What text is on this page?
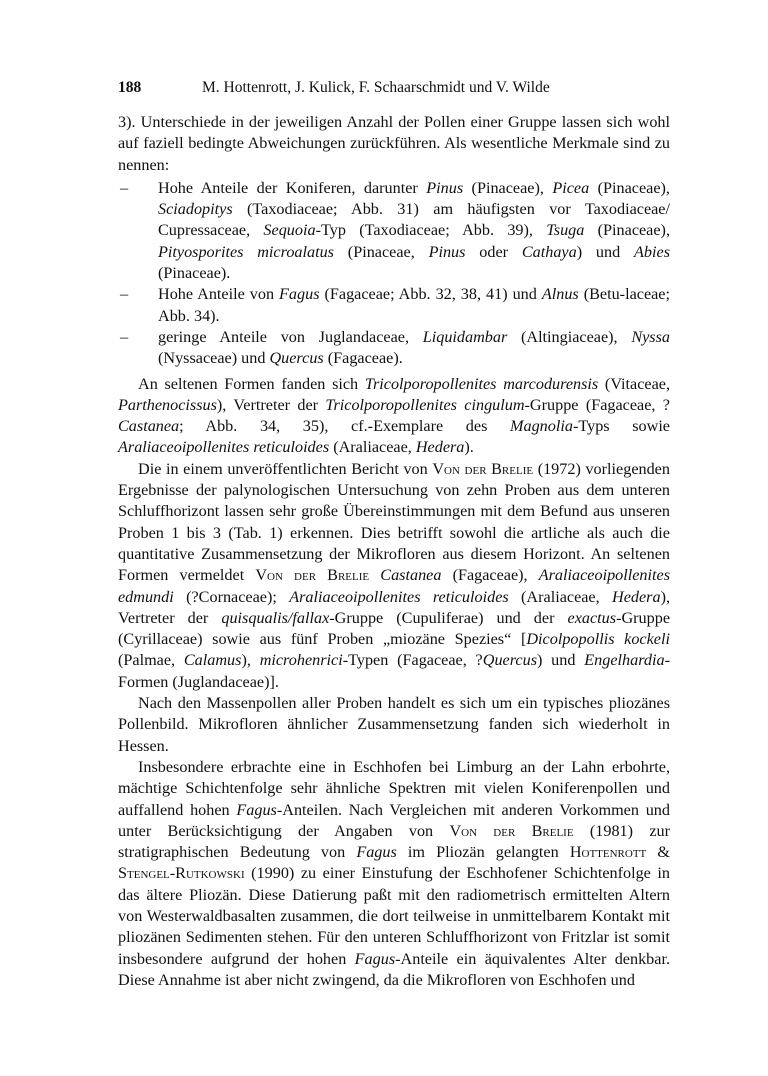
188	M. Hottenrott, J. Kulick, F. Schaarschmidt und V. Wilde

3). Unterschiede in der jeweiligen Anzahl der Pollen einer Gruppe lassen sich wohl auf faziell bedingte Abweichungen zurückführen. Als wesentliche Merkmale sind zu nennen:

– Hohe Anteile der Koniferen, darunter Pinus (Pinaceae), Picea (Pinaceae), Sciadopitys (Taxodiaceae; Abb. 31) am häufigsten vor Taxodiaceae/ Cupressaceae, Sequoia-Typ (Taxodiaceae; Abb. 39), Tsuga (Pinaceae), Pityosporites microalatus (Pinaceae, Pinus oder Cathaya) und Abies (Pinaceae).
– Hohe Anteile von Fagus (Fagaceae; Abb. 32, 38, 41) und Alnus (Betu-laceae; Abb. 34).
– geringe Anteile von Juglandaceae, Liquidambar (Altingiaceae), Nyssa (Nyssaceae) und Quercus (Fagaceae).

An seltenen Formen fanden sich Tricolporopollenites marcodurensis (Vitaceae, Parthenocissus), Vertreter der Tricolporopollenites cingulum-Gruppe (Fagaceae, ?Castanea; Abb. 34, 35), cf.-Exemplare des Magnolia-Typs sowie Araliaceoipollenites reticuloides (Araliaceae, Hedera).

Die in einem unveröffentlichten Bericht von Von der Brelie (1972) vorliegenden Ergebnisse der palynologischen Untersuchung von zehn Proben aus dem unteren Schluffhorizont lassen sehr große Übereinstimmungen mit dem Befund aus unseren Proben 1 bis 3 (Tab. 1) erkennen. Dies betrifft sowohl die artliche als auch die quantitative Zusammensetzung der Mikrofloren aus diesem Horizont. An seltenen Formen vermeldet Von der Brelie Castanea (Fagaceae), Araliaceoipollenites edmundi (?Cornaceae); Araliaceoipollenites reticuloides (Araliaceae, Hedera), Vertreter der quisqualis/fallax-Gruppe (Cupuliferae) und der exactus-Gruppe (Cyrillaceae) sowie aus fünf Proben „miozäne Spezies“ [Dicolpopollis kockeli (Palmae, Calamus), microhenrici-Typen (Fagaceae, ?Quercus) und Engelhardia-Formen (Juglandaceae)].

Nach den Massenpollen aller Proben handelt es sich um ein typisches pliozänes Pollenbild. Mikrofloren ähnlicher Zusammensetzung fanden sich wiederholt in Hessen.

Insbesondere erbrachte eine in Eschhofen bei Limburg an der Lahn erbohrte, mächtige Schichtenfolge sehr ähnliche Spektren mit vielen Koniferenpollen und auffallend hohen Fagus-Anteilen. Nach Vergleichen mit anderen Vorkommen und unter Berücksichtigung der Angaben von Von der Brelie (1981) zur stratigraphischen Bedeutung von Fagus im Pliozän gelangten Hottenrott & Stengel-Rutkowski (1990) zu einer Einstufung der Eschhofener Schichtenfolge in das ältere Pliozän. Diese Datierung paßt mit den radiometrisch ermittelten Altern von Westerwaldbasalten zusammen, die dort teilweise in unmittelbarem Kontakt mit pliozänen Sedimenten stehen. Für den unteren Schluffhorizont von Fritzlar ist somit insbesondere aufgrund der hohen Fagus-Anteile ein äquivalentes Alter denkbar. Diese Annahme ist aber nicht zwingend, da die Mikrofloren von Eschhofen und
